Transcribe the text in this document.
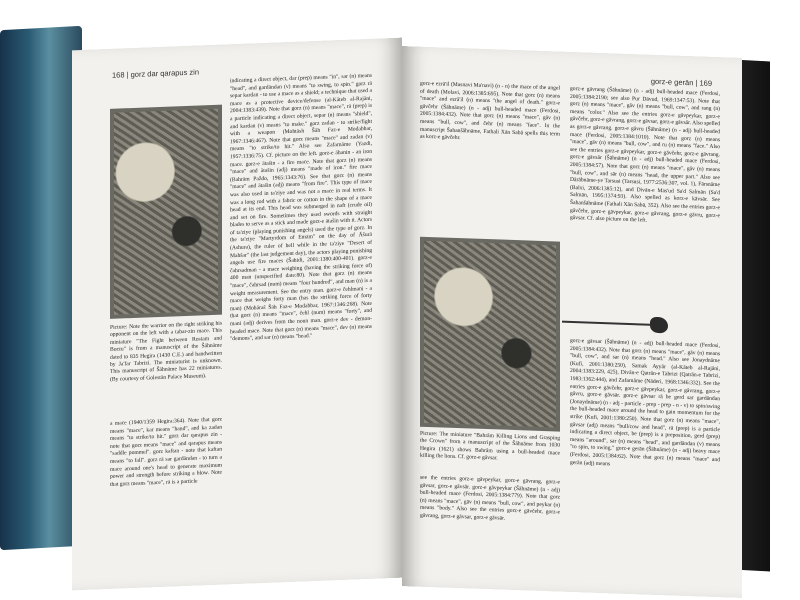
168 | gorz dar qarapus zin
Picture: Note the warrior on the right striking his opponent on the left with a tabar-zin mace. This miniature "The Fight between Rostam and Borzu" is from a manuscript of the Šāhnāme dated to 835 Hegira (1430 C.E.) and handwritten by Ja'far Tabrizi. The miniaturist is unknown. This manuscript of Šāhnāme has 22 miniatures. (By courtesy of Golestān Palace Museum).
a mace (1940/1359 Hegira:364). Note that gorz means "mace", kar means "hand", and ka zadan means "to strike/to hit." gorz dar qarapus zin - note that gorz means "mace" and qarapus means "saddle pommel". gorz kaftan - note that kaftan means "to fall". gorz rā sar gardāndan - to turn a mace around one's head to generate maximum power and strength before striking a blow. Note that gorz means "mace", rā is a particle
indicating a direct object, dar (prep) means "in", sar (n) means "head", and gardāndan (v) means "to swing, to spin." gorz rā separ kardan - to use a mace as a shield; a technique that used a mace as a protective device/defense (al-Kāteb al-Rajāni, 2004:1383:439). Note that gorz (n) means "mace", rā (prep) is a particle indicating a direct object, separ (n) means "shield", and kardan (v) means "to make." gorz zadan - to strike/fight with a weapon (Mohtāsh Šāh Faz-e Modabbar, 1967:1346:467). Note that gorz means "mace" and zadan (v) means "to strike/to hit." Also see Zafarnāme (Yazdi, 1957:1336:75). Cf. picture on the left. gorz-e āhanin - an iron mace. gorz-e ātašin - a fire mace. Note that gorz (n) means "mace" and ātašin (adj) means "made of iron." fire mace (Bahrām Paždo, 1965:1343:76). See that gorz (n) means "mace" and ātašin (adj) means "from fire". This type of mace was also used in ta'ziye and was not a mace in real terms. It was a long rod with a fabric or cotton in the shape of a mace head at its end. This head was submerged in naft (crude oil) and set on fire. Sometimes they used swords with straight blades to serve as a stick and made gorz-e ātašin with it. Actors of ta'ziye (playing punishing angels) used the type of gorz. In the ta'ziye "Martyrdom of Emām" on the day of Āšurā (Ashura), the ruler of hell while in the ta'ziye "Desert of Mahšar" (the last judgement day), the actors playing punishing angels use fire maces (Šahidi, 2001:1380:400-401). gorz-e čahrsadman - a mace weighing (having the striking force of) 400 man (unspecified date:80). Note that gorz (n) means "mace", čahrsad (num) means "four hundred", and man (n) is a weight measurement. See the entry man. gorz-e čehlmani - a mace that weighs forty man (has the striking force of forty man) (Mohāraš Šāh Faz-e Modabbar, 1967:1346:268). Note that gorz (n) means "mace", čehl (num) means "forty", and mani (adj) derives from the noun man. gorz-e dev - demon-headed mace. Note that gorz (n) means "mace", dev (n) means "demons", and sar (n) means "head."
gorz-e gerān | 169
gorz-e ezrā'il (Masnavi Ma'navi) (n - n) the mace of the angel of death (Molavi, 2006:1385:695). Note that gorz (n) means "mace" and ezrā'il (n) means "the angel of death." gorz-e gāvčehr (Šāhnāme) (n - adj) bull-headed mace (Ferdosi, 2005:1384:432). Note that gorz (n) means "mace", gāv (n) means "bull, cow", and čehr (n) means "face". In the manuscript Šahanšāhnāme, Fathali Xān Sabā spells this term as korz-e gāvčehr.
Picture: The miniature "Bahrām Killing Lions and Grasping the Crown" from a manuscript of the Šāhnāme from 1030 Hegira (1621) shows Bahrām using a bull-headed mace killing the lions. Cf. gorz-e gāvsar.
see the entries gorz-e gāvpeykar, gorz-e gāvrang, gorz-e gāvsar, gorz-e gāvsār. gorz-e gāvpeykar (Šāhnāme) (n - adj) bull-headed mace (Ferdosi, 2005:1384:779). Note that gorz (n) means "mace", gāv (n) means "bull, cow", and peykar (n) means "body." Also see the entries gorz-e gāvčehr, gorz-e gāvrang, gorz-e gāvsar, gorz-e gāvsār.
gorz-e gāvrang (Šāhnāme) (n - adj) bull-headed mace (Ferdosi, 2005:1384:2190; see also Pur Dāvud, 1969:1347:53). Note that gorz (n) means "mace", gāv (n) means "bull, cow", and rang (n) means "color." Also see the entries gorz-e gāvpeykar, gorz-e gāvčehr, gorz-e gāvrang, gorz-e gāvsar, gorz-e gāvsār. Also spelled as gorz-e gāvrang. gorz-e gāvru (Šāhnāme) (n - adj) bull-headed mace (Ferdosi, 2005:1384:1010). Note that gorz (n) means "mace", gāv (n) means "bull, cow", and ru (n) means "face." Also see the entries gorz-e gāvpeykar, gorz-e gāvčehr, gorz-e gāvrang. gorz-e gāvsār (Šāhnāme) (n - adj) bull-headed mace (Ferdosi, 2005:1384:57). Note that gorz (n) means "mace", gāv (n) means "bull, cow", and sār (n) means "head, the upper part." Also see Dārābnāme-ye Tarsusi (Tarsusi, 1977:2536:307, vol. 1), Fārsnāme (Balxi, 2006:1385:12), and Divān-e Mas'ud Sa'd Salmān (Sa'd Salmān, 1995:1374:93). Also spelled as korz-e kāvsār. See Šahanšāhnāme (Fathali Xān Sabā, 352). Also see the entries gorz-e gāvčehr, gorz-e gāvpeykar, gorz-e gāvrang, gorz-e gāvru, gorz-e gāvsar. Cf. also picture on the left.
gorz-e gāvsar (Šāhnāme) (n - adj) bull-headed mace (Ferdosi, 2005:1384:432). Note that gorz (n) means "mace", gāv (n) means "bull, cow", and sar (n) means "head." Also see Jonaydnāme (Kufi, 2001:1380:250), Samak Ayyār (al-Kāteb al-Rajāni, 2004:1383:229, 425), Divān-e Qatrān-e Tabrizi (Qatrān-e Tabrizi, 1983:1362:444), and Zafarnāme (Nāderi, 1968:1346:332). See the entries gorz-e gāvčehr, gorz-e gāvpeykar, gorz-e gāvrang, gorz-e gāvru, gorz-e gāvsār. gorz-e gāvsar rā be gerd sar gardāndan (Jonaydnāme) (n - adj - particle - prep - prep - n - v) to spin/swing the bull-headed mace around the head to gain momentum for the strike (Kufi, 2001:1380:250). Note that gorz (n) means "mace", gāvsar (adj) means "bull/cow and head", rā (prep) is a particle indicating a direct object, be (prep) is a preposition, gerd (prep) means "around", sar (n) means "head", and gardāndan (v) means "to spin, to swing." gorz-e gerān (Šāhnāme) (n - adj) heavy mace (Ferdosi, 2005:1384:62). Note that gorz (n) means "mace" and gerān (adj) means
